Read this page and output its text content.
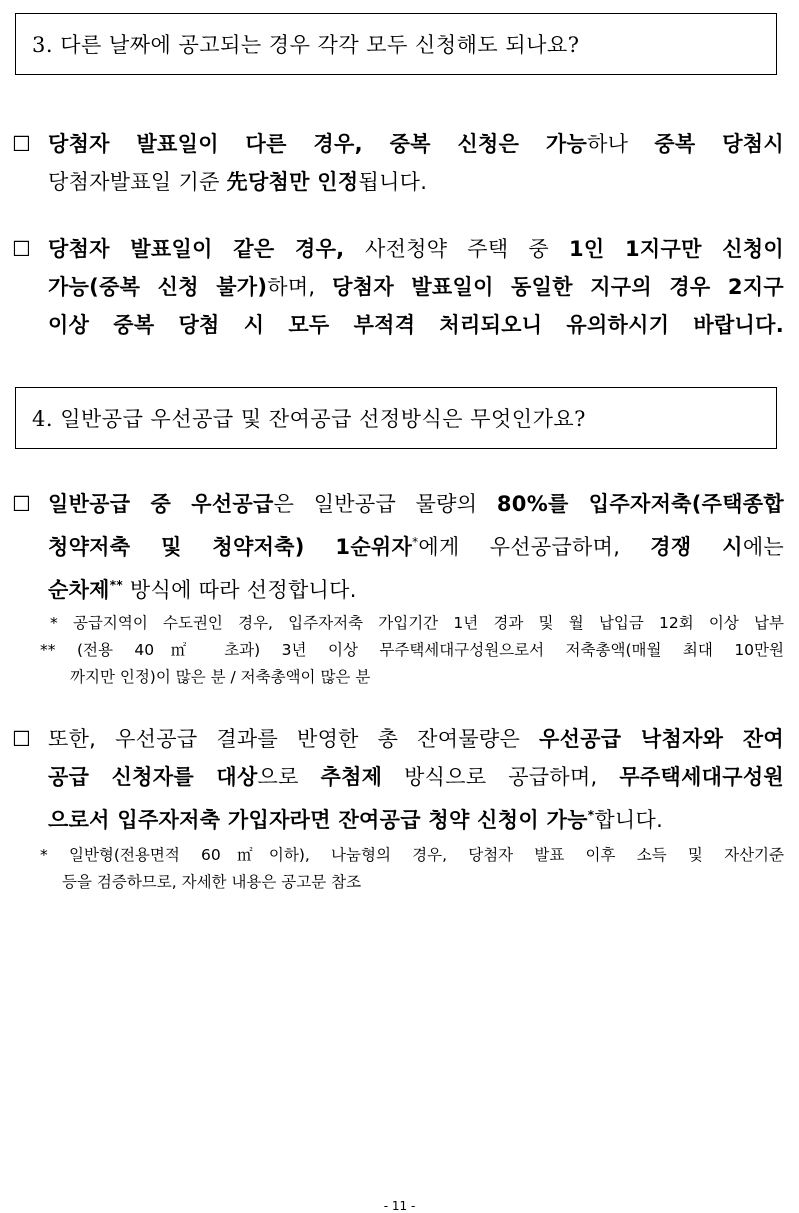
3. 다른 날짜에 공고되는 경우 각각 모두 신청해도 되나요?
☐ 당첨자 발표일이 다른 경우, 중복 신청은 가능하나 중복 당첨시
당첨자발표일 기준 先당첨만 인정됩니다.
☐ 당첨자 발표일이 같은 경우, 사전청약 주택 중 1인 1지구만 신청이
가능(중복 신청 불가)하며, 당첨자 발표일이 동일한 지구의 경우 2지구
이상 중복 당첨 시 모두 부적격 처리되오니 유의하시기 바랍니다.
4. 일반공급 우선공급 및 잔여공급 선정방식은 무엇인가요?
☐ 일반공급 중 우선공급은 일반공급 물량의 80%를 입주자저축(주택종합
청약저축 및 청약저축) 1순위자*에게 우선공급하며, 경쟁 시에는
순차제** 방식에 따라 선정합니다.
* 공급지역이 수도권인 경우, 입주자저축 가입기간 1년 경과 및 월 납입금 12회 이상 납부
** (전용 40㎡ 초과) 3년 이상 무주택세대구성원으로서 저축총액(매월 최대 10만원
까지만 인정)이 많은 분 / 저축총액이 많은 분
☐ 또한, 우선공급 결과를 반영한 총 잔여물량은 우선공급 낙첨자와 잔여
공급 신청자를 대상으로 추첨제 방식으로 공급하며, 무주택세대구성원
으로서 입주자저축 가입자라면 잔여공급 청약 신청이 가능*합니다.
* 일반형(전용면적 60㎡이하), 나눔형의 경우, 당첨자 발표 이후 소득 및 자산기준
등을 검증하므로, 자세한 내용은 공고문 참조
- 11 -
